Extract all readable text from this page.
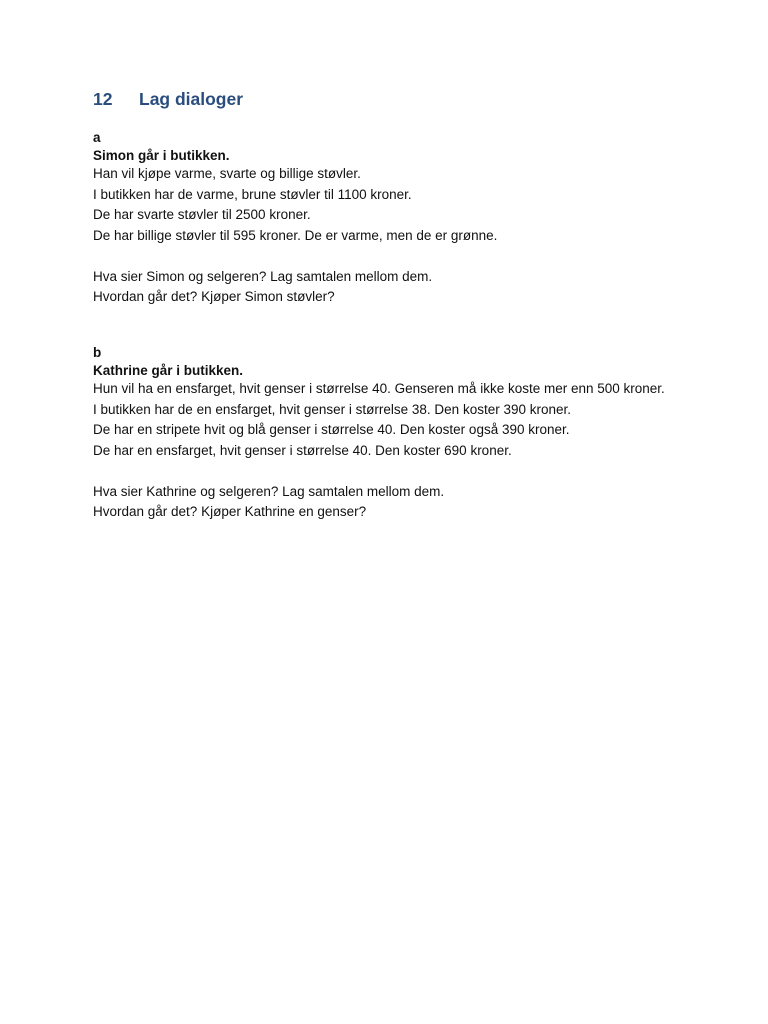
12	Lag dialoger
a
Simon går i butikken.

Han vil kjøpe varme, svarte og billige støvler.

I butikken har de varme, brune støvler til 1100 kroner.

De har svarte støvler til 2500 kroner.

De har billige støvler til 595 kroner. De er varme, men de er grønne.

Hva sier Simon og selgeren? Lag samtalen mellom dem.

Hvordan går det? Kjøper Simon støvler?

b
Kathrine går i butikken.

Hun vil ha en ensfarget, hvit genser i størrelse 40. Genseren må ikke koste mer enn 500 kroner.

I butikken har de en ensfarget, hvit genser i størrelse 38. Den koster 390 kroner.

De har en stripete hvit og blå genser i størrelse 40. Den koster også 390 kroner.

De har en ensfarget, hvit genser i størrelse 40. Den koster 690 kroner.

Hva sier Kathrine og selgeren? Lag samtalen mellom dem.

Hvordan går det? Kjøper Kathrine en genser?
